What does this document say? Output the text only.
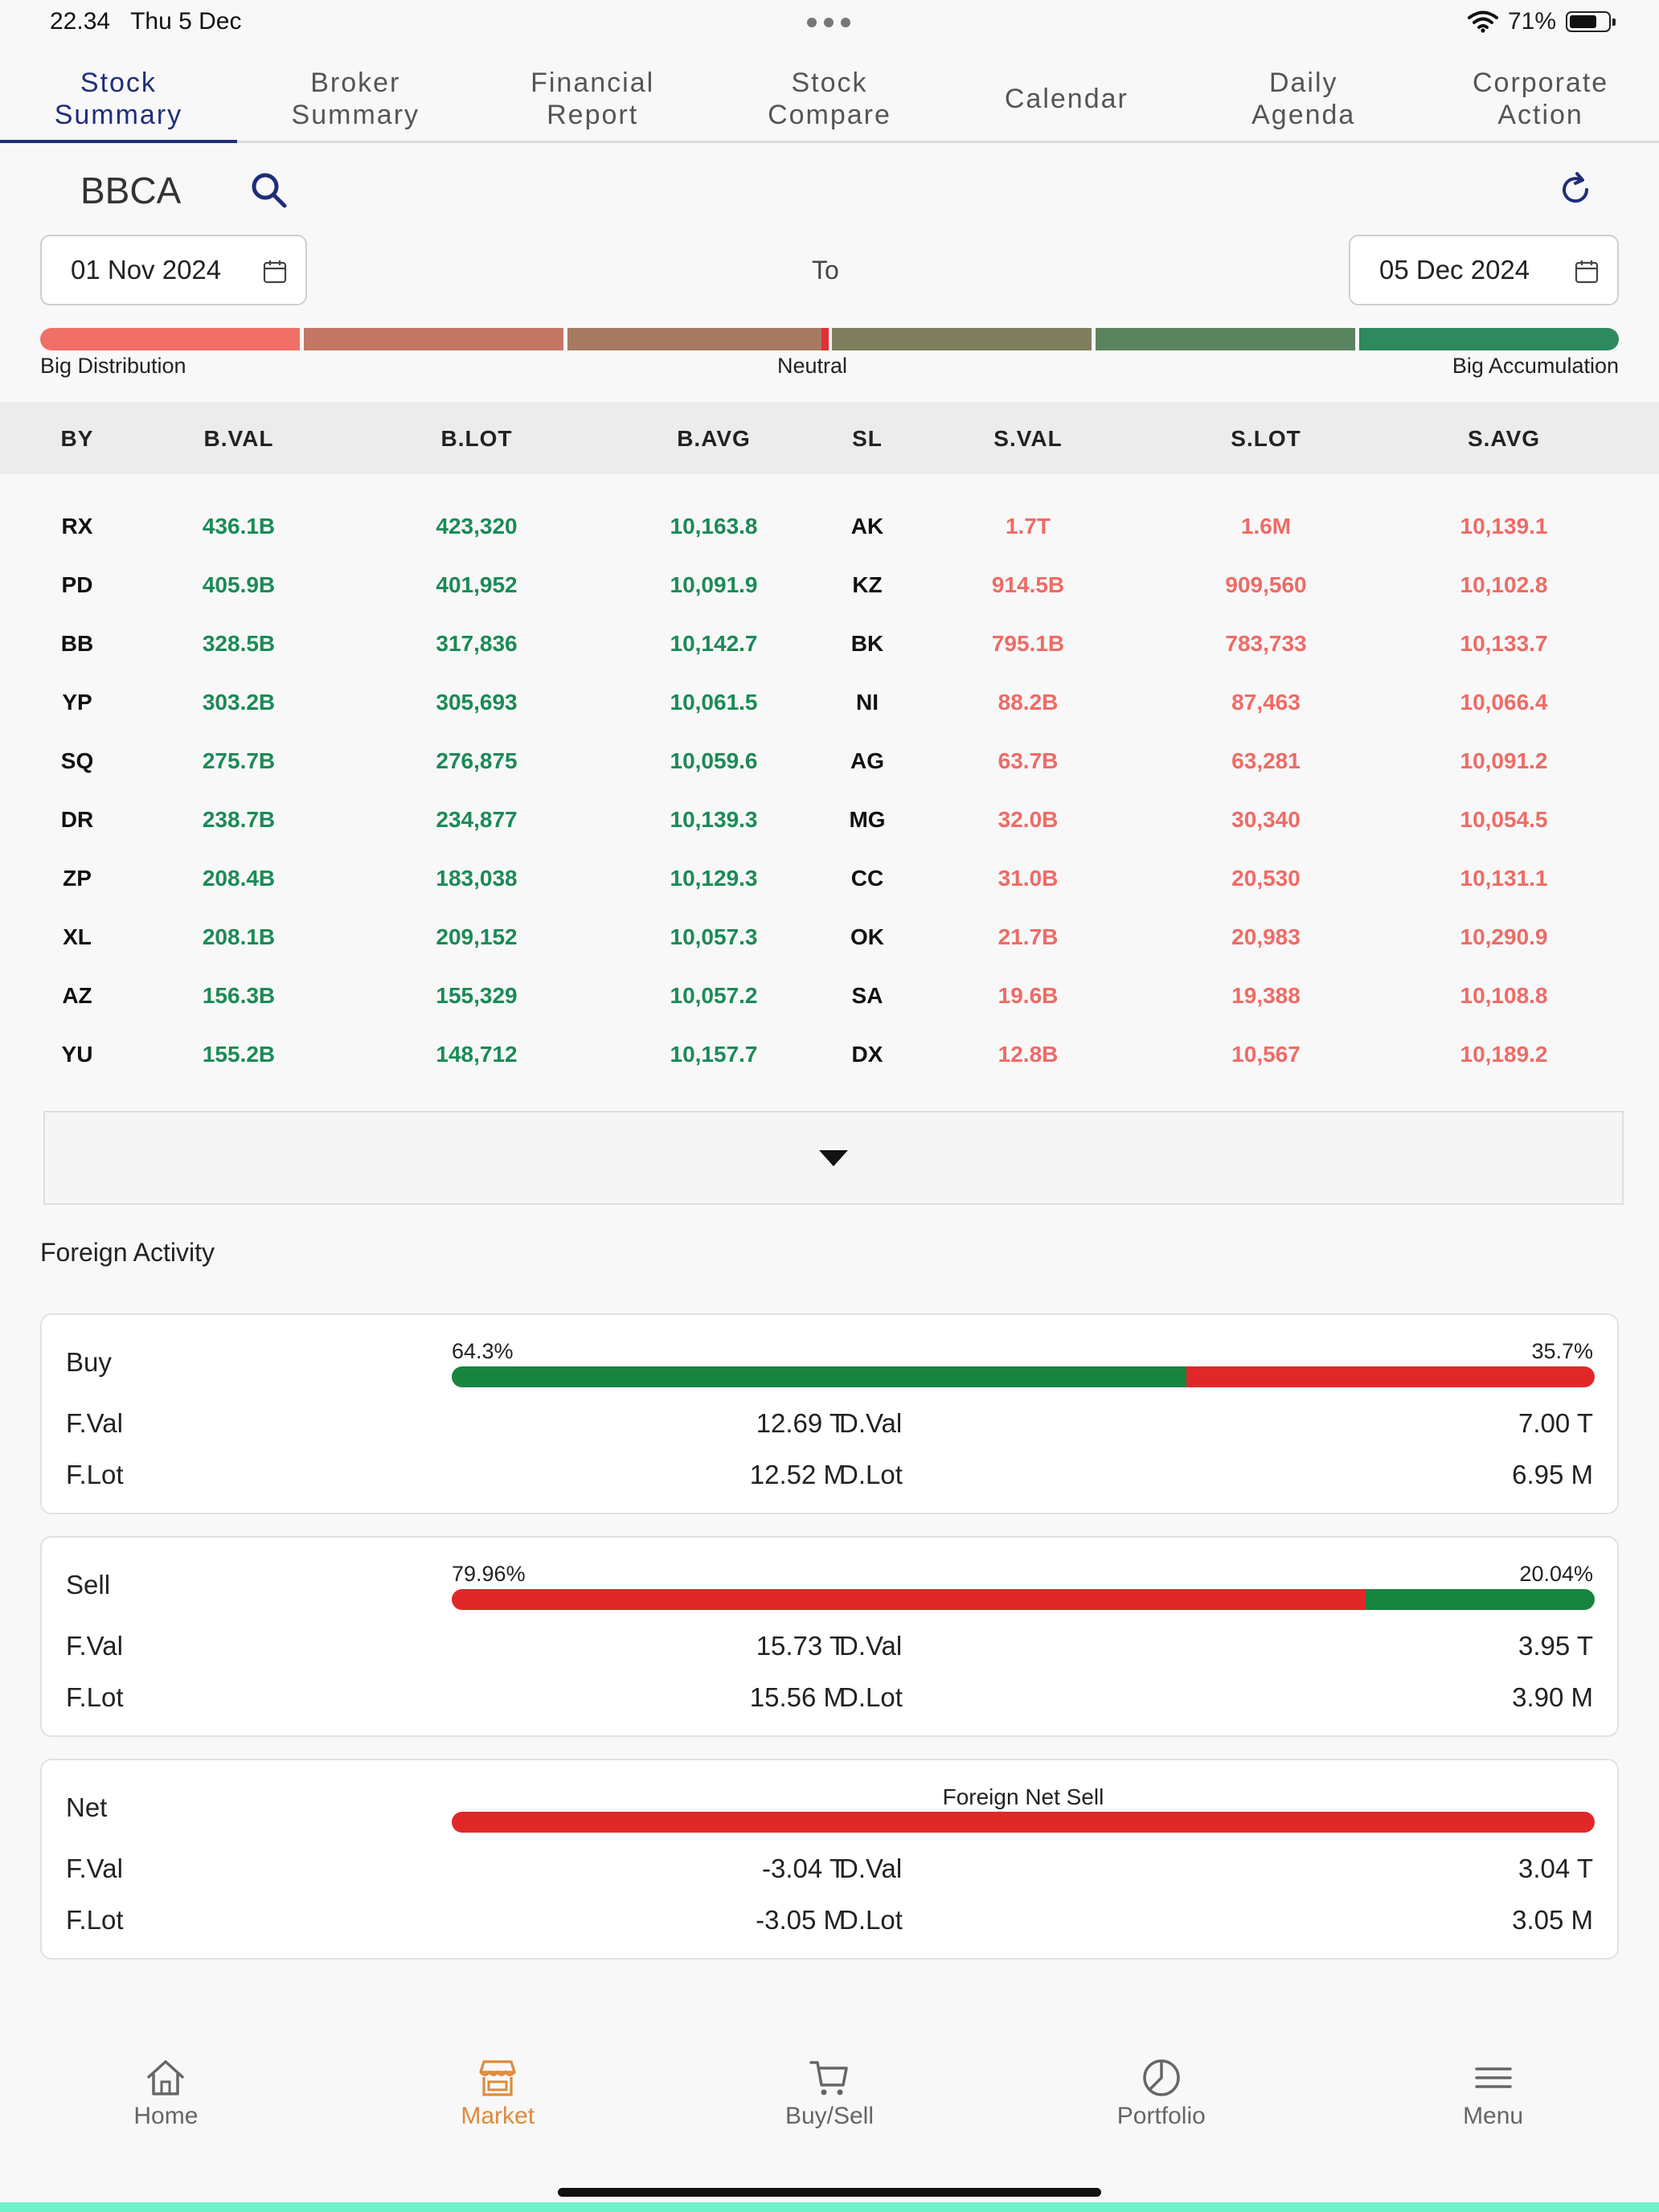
22.34 Thu 5 Dec	71%
Stock
Summary
Broker
Summary
Financial
Report
Stock
Compare
Calendar
Daily
Agenda
Corporate
Action
BBCA
01 Nov 2024	To	05 Dec 2024
Big Distribution	Neutral	Big Accumulation
BY	B.VAL	B.LOT	B.AVG	SL	S.VAL	S.LOT	S.AVG
RX	436.1B	423,320	10,163.8	AK	1.7T	1.6M	10,139.1
PD	405.9B	401,952	10,091.9	KZ	914.5B	909,560	10,102.8
BB	328.5B	317,836	10,142.7	BK	795.1B	783,733	10,133.7
YP	303.2B	305,693	10,061.5	NI	88.2B	87,463	10,066.4
SQ	275.7B	276,875	10,059.6	AG	63.7B	63,281	10,091.2
DR	238.7B	234,877	10,139.3	MG	32.0B	30,340	10,054.5
ZP	208.4B	183,038	10,129.3	CC	31.0B	20,530	10,131.1
XL	208.1B	209,152	10,057.3	OK	21.7B	20,983	10,290.9
AZ	156.3B	155,329	10,057.2	SA	19.6B	19,388	10,108.8
YU	155.2B	148,712	10,157.7	DX	12.8B	10,567	10,189.2
Foreign Activity
Buy	64.3%	35.7%
F.Val	12.69 T
D.Val	7.00 T
F.Lot	12.52 M
D.Lot	6.95 M
Sell	79.96%	20.04%
F.Val	15.73 T
D.Val	3.95 T
F.Lot	15.56 M
D.Lot	3.90 M
Net	Foreign Net Sell
F.Val	-3.04 T
D.Val	3.04 T
F.Lot	-3.05 M
D.Lot	3.05 M
Home	Market	Buy/Sell	Portfolio	Menu
